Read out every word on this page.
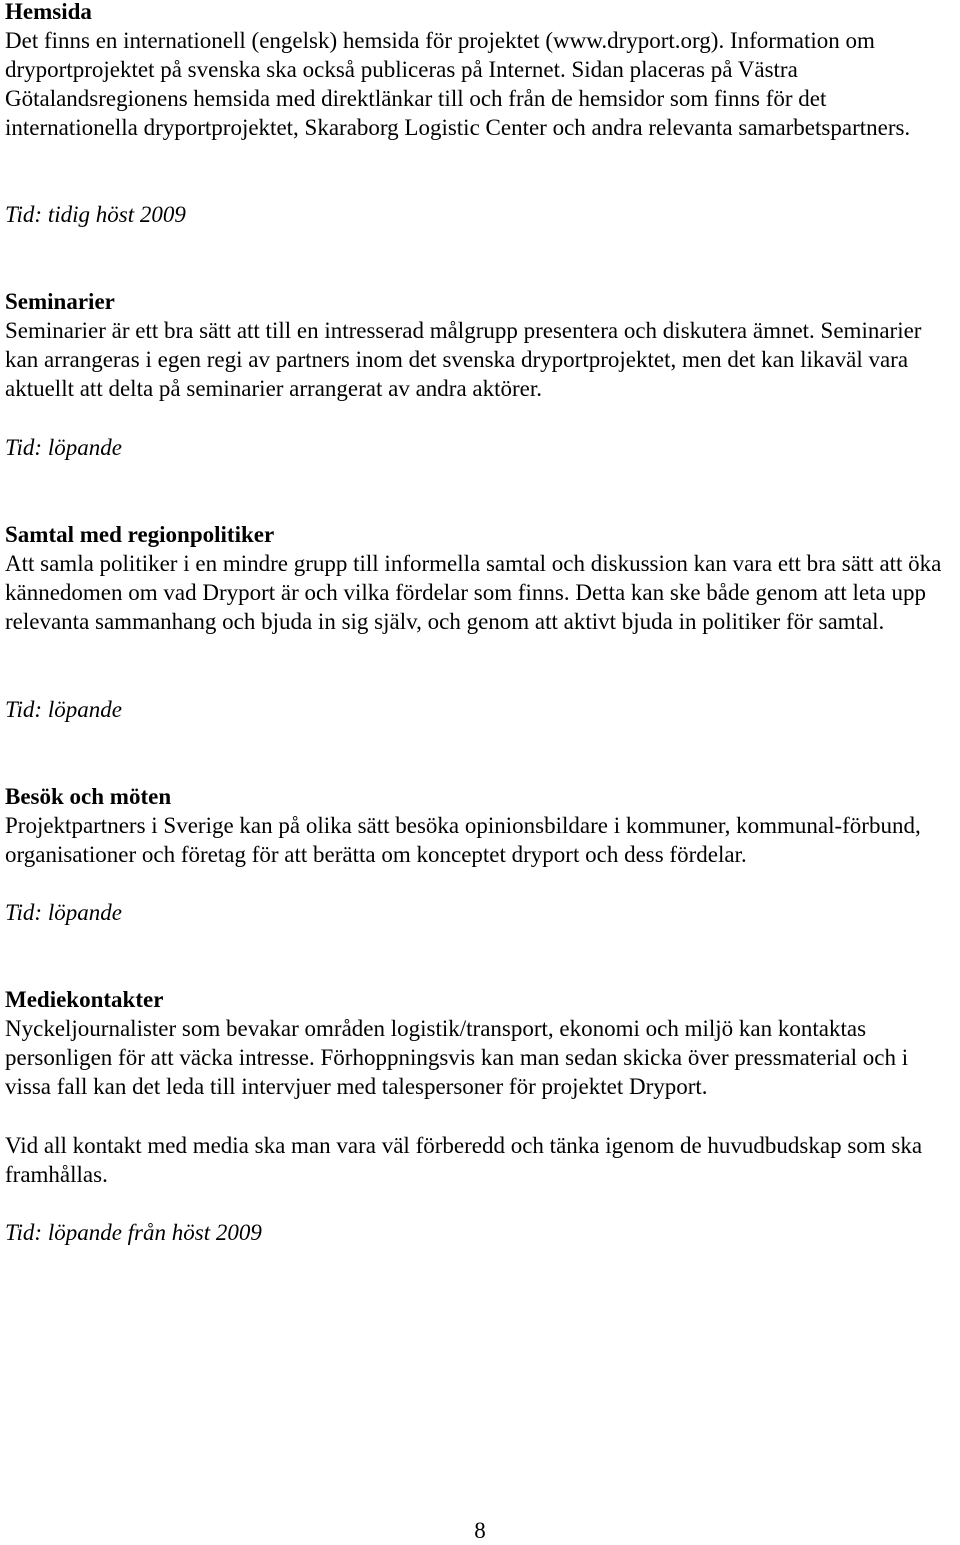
Hemsida

Det finns en internationell (engelsk) hemsida för projektet (www.dryport.org). Information om dryportprojektet på svenska ska också publiceras på Internet. Sidan placeras på Västra Götalandsregionens hemsida med direktlänkar till och från de hemsidor som finns för det internationella dryportprojektet, Skaraborg Logistic Center och andra relevanta samarbetspartners.

Tid: tidig höst 2009

Seminarier

Seminarier är ett bra sätt att till en intresserad målgrupp presentera och diskutera ämnet. Seminarier kan arrangeras i egen regi av partners inom det svenska dryportprojektet, men det kan likaväl vara aktuellt att delta på seminarier arrangerat av andra aktörer.

Tid: löpande

Samtal med regionpolitiker

Att samla politiker i en mindre grupp till informella samtal och diskussion kan vara ett bra sätt att öka kännedomen om vad Dryport är och vilka fördelar som finns. Detta kan ske både genom att leta upp relevanta sammanhang och bjuda in sig själv, och genom att aktivt bjuda in politiker för samtal.

Tid: löpande

Besök och möten

Projektpartners i Sverige kan på olika sätt besöka opinionsbildare i kommuner, kommunal-förbund, organisationer och företag för att berätta om konceptet dryport och dess fördelar.

Tid: löpande

Mediekontakter

Nyckeljournalister som bevakar områden logistik/transport, ekonomi och miljö kan kontaktas personligen för att väcka intresse. Förhoppningsvis kan man sedan skicka över pressmaterial och i vissa fall kan det leda till intervjuer med talespersoner för projektet Dryport.

Vid all kontakt med media ska man vara väl förberedd och tänka igenom de huvudbudskap som ska framhållas.

Tid: löpande från höst 2009

8
